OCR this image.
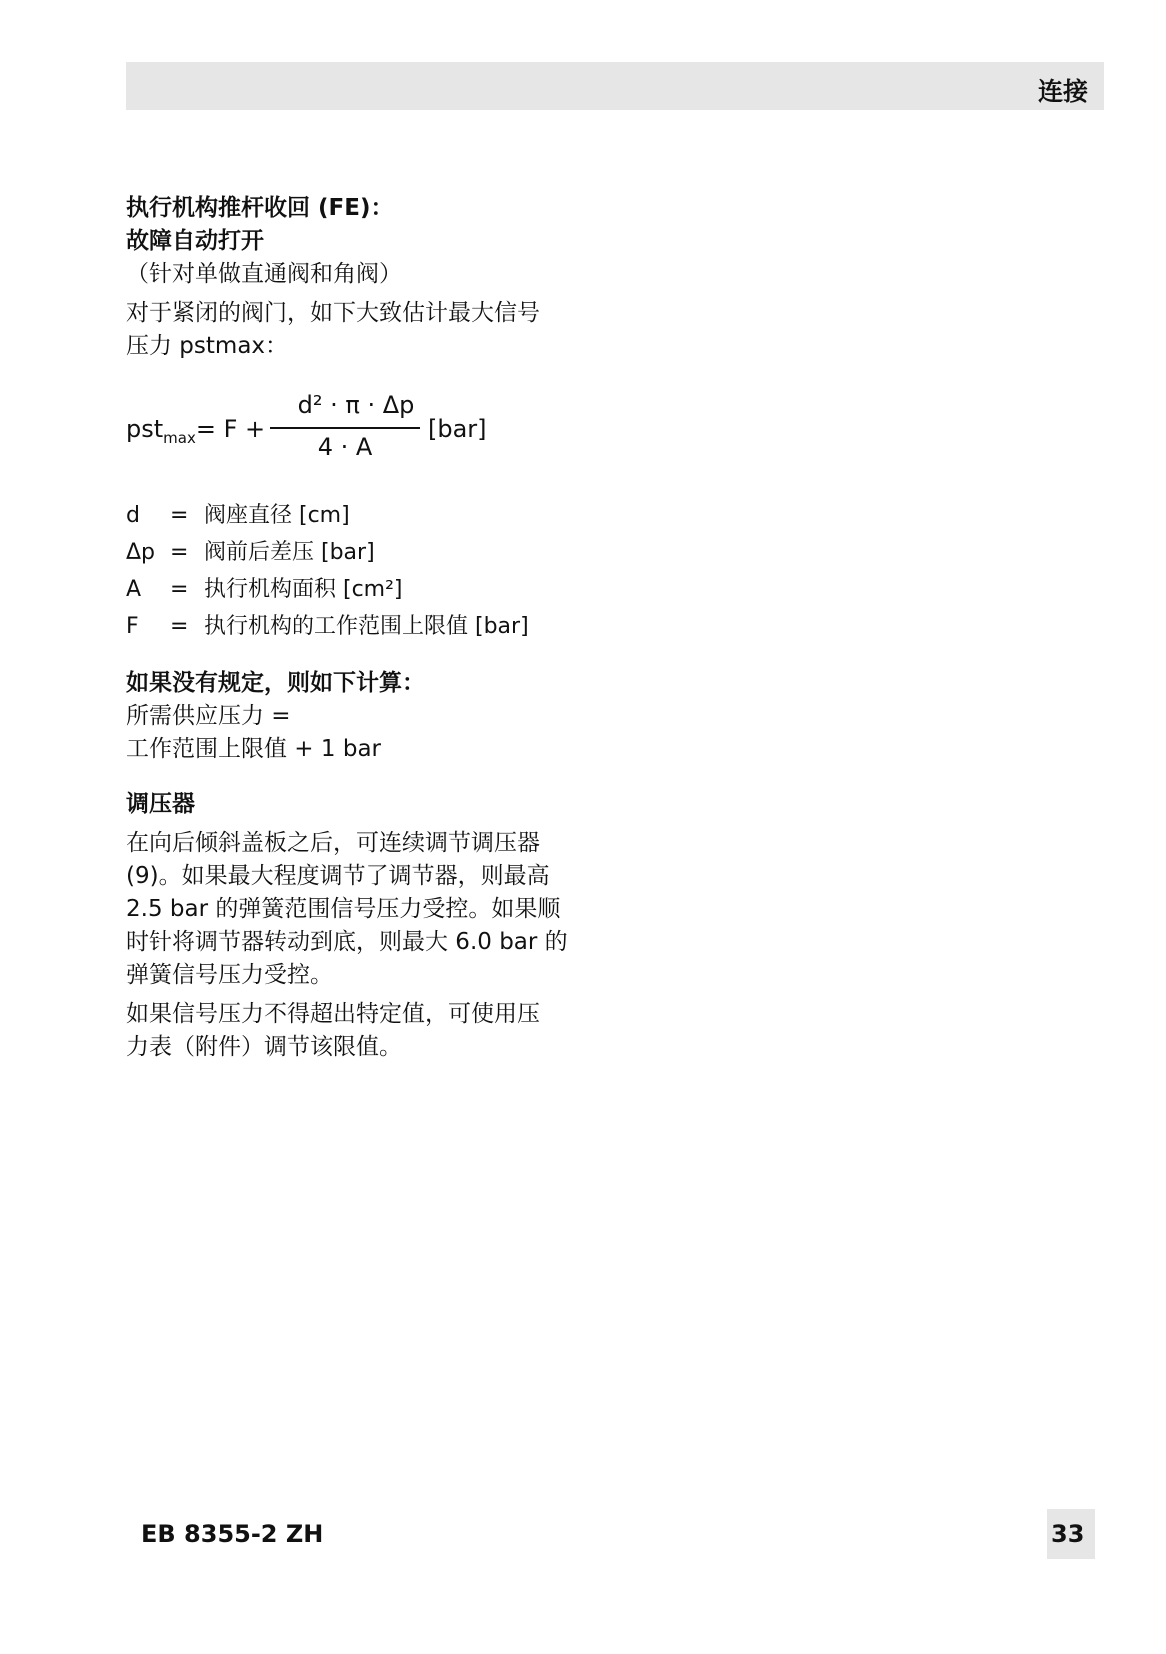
连接

执行机构推杆收回 (FE)：

故障自动打开

（针对单做直通阀和角阀）

对于紧闭的阀门，如下大致估计最大信号

压力 pstmax：

pst$_{max}$= F +
d² · π · Δp
4 · A
[bar]
d	= 阀座直径 [cm]
Δp = 阀前后差压 [bar]
A	= 执行机构面积 [cm²]
F	= 执行机构的工作范围上限值 [bar]

如果没有规定，则如下计算：

所需供应压力 =

工作范围上限值 + 1 bar

调压器

在向后倾斜盖板之后，可连续调节调压器

(9)。如果最大程度调节了调节器，则最高

2.5 bar 的弹簧范围信号压力受控。如果顺

时针将调节器转动到底，则最大 6.0 bar 的

弹簧信号压力受控。

如果信号压力不得超出特定值，可使用压

力表（附件）调节该限值。

EB 8355-2 ZH	33
